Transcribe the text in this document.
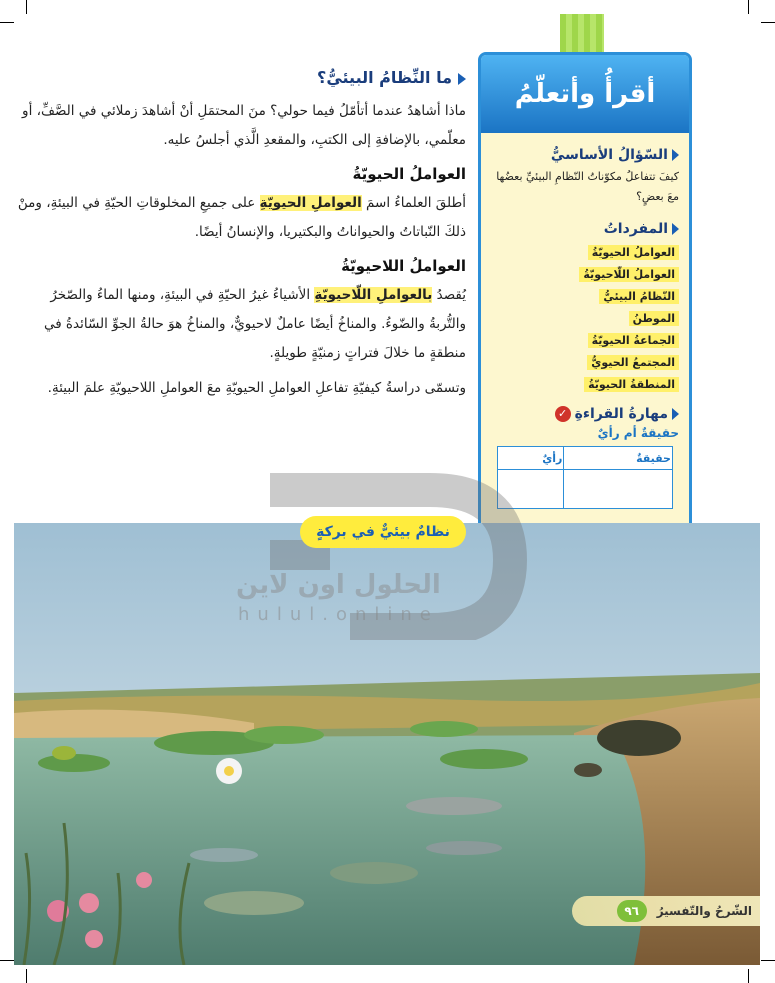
ما النِّظامُ البيئيُّ؟

ماذا أشاهدُ عندما أتأمّلُ فيما حولي؟ منَ المحتمَلِ أنْ أشاهدَ زملائي في الصَّفِّ، أو معلّمي، بالإضافةِ إلى الكتبِ، والمقعدِ الَّذي أجلسُ عليه.

العواملُ الحيويّةُ

أطلقَ العلماءُ اسمَ العواملِ الحيويّةِ على جميعِ المخلوقاتِ الحيّةِ في البيئةِ، ومنْ ذلكَ النّباتاتُ والحيواناتُ والبكتيريا، والإنسانُ أيضًا.

العواملُ اللاحيويّةُ

يُقصدُ بالعواملِ اللّاحيويّةِ الأشياءُ غيرُ الحيّةِ في البيئةِ، ومنها الماءُ والصّخرُ والتُّربةُ والضّوءُ. والمناخُ أيضًا عاملٌ لاحيويٌّ، والمناخُ هوَ حالةُ الجوِّ السّائدةُ في منطقةٍ ما خلالَ فتراتٍ زمنيّةٍ طويلةٍ.

وتسمّى دراسةُ كيفيّةِ تفاعلِ العواملِ الحيويّةِ معَ العواملِ اللاحيويّةِ علمَ البيئةِ.

أقرأُ وأتعلّمُ
السّؤالُ الأساسيُّ
كيفَ تتفاعلُ مكوّناتُ النّظامِ البيئيِّ بعضُها معَ بعضٍ؟
المفرداتُ
العواملُ الحيويّةُ
العواملُ اللّاحيويّةُ
النّظامُ البيئيُّ
الموطنُ
الجماعةُ الحيويّةُ
المجتمعُ الحيويُّ
المنطقةُ الحيويّةُ
مهارةُ القراءةِ✓
حقيقةٌ أم رأيٌ
حقيقةٌ	رأيٌ

الحلول اون لاين
hulul.online
نظامٌ بيئيٌّ في بركةٍ
الشّرحُ والتّفسيرُ
٩٦
